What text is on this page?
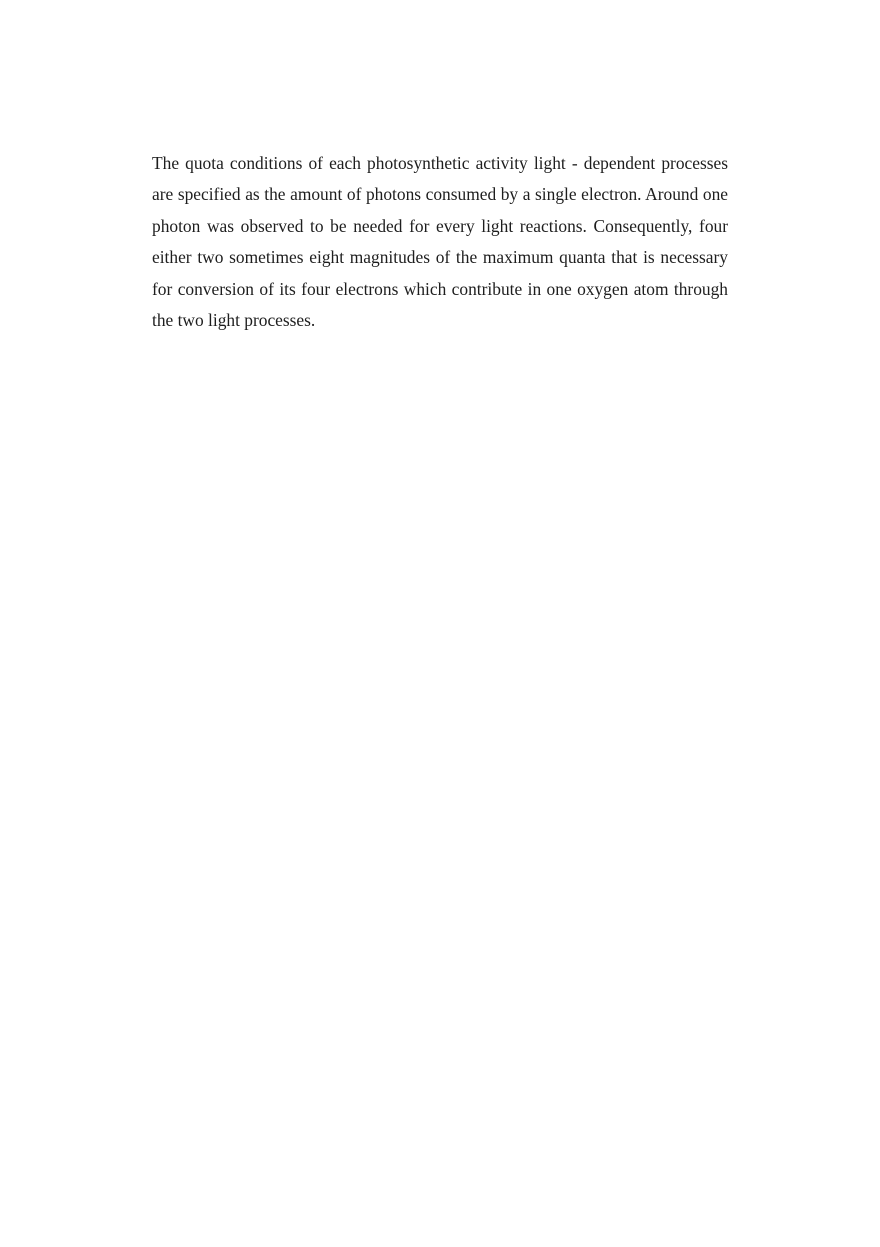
The quota conditions of each photosynthetic activity light - dependent processes are specified as the amount of photons consumed by a single electron. Around one photon was observed to be needed for every light reactions. Consequently, four either two sometimes eight magnitudes of the maximum quanta that is necessary for conversion of its four electrons which contribute in one oxygen atom through the two light processes.
